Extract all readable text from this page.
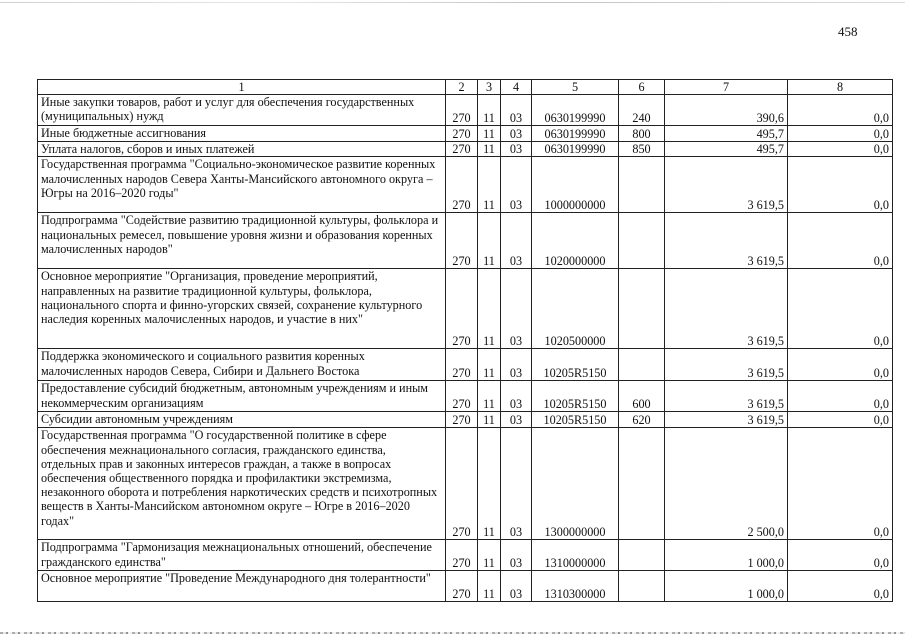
458
1	2	3	4	5	6	7	8
Иные закупки товаров, работ и услуг для обеспечения государственных (муниципальных) нужд	270	11	03	0630199990	240	390,6	0,0
Иные бюджетные ассигнования	270	11	03	0630199990	800	495,7	0,0
Уплата налогов, сборов и иных платежей	270	11	03	0630199990	850	495,7	0,0
Государственная программа "Социально-экономическое развитие коренных малочисленных народов Севера Ханты-Мансийского автономного округа – Югры на 2016–2020 годы"	270	11	03	1000000000		3 619,5	0,0
Подпрограмма "Содействие развитию традиционной культуры, фольклора и национальных ремесел, повышение уровня жизни и образования коренных малочисленных народов"	270	11	03	1020000000		3 619,5	0,0
Основное мероприятие "Организация, проведение мероприятий, направленных на развитие традиционной культуры, фольклора, национального спорта и финно-угорских связей, сохранение культурного наследия коренных малочисленных народов, и участие в них"	270	11	03	1020500000		3 619,5	0,0
Поддержка экономического и социального развития коренных малочисленных народов Севера, Сибири и Дальнего Востока	270	11	03	10205R5150		3 619,5	0,0
Предоставление субсидий бюджетным, автономным учреждениям и иным некоммерческим организациям	270	11	03	10205R5150	600	3 619,5	0,0
Субсидии автономным учреждениям	270	11	03	10205R5150	620	3 619,5	0,0
Государственная программа "О государственной политике в сфере обеспечения межнационального согласия, гражданского единства, отдельных прав и законных интересов граждан, а также в вопросах обеспечения общественного порядка и профилактики экстремизма, незаконного оборота и потребления наркотических средств и психотропных веществ в Ханты-Мансийском автономном округе – Югре в 2016–2020 годах"	270	11	03	1300000000		2 500,0	0,0
Подпрограмма "Гармонизация межнациональных отношений, обеспечение гражданского единства"	270	11	03	1310000000		1 000,0	0,0
Основное мероприятие "Проведение Международного дня толерантности"	270	11	03	1310300000		1 000,0	0,0
